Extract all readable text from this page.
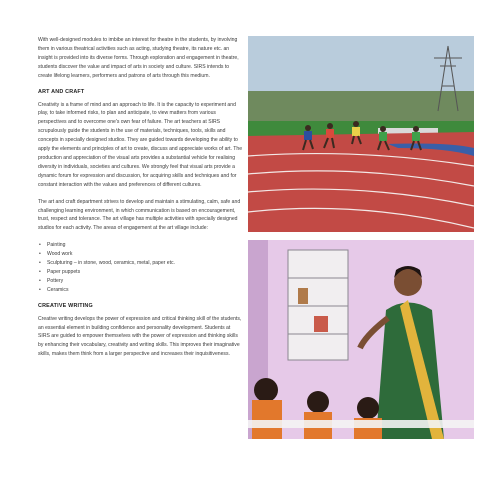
With well-designed modules to imbibe an interest for theatre in the students, by involving them in various theatrical activities such as acting, studying theatre, its nature etc. an insight is provided into its diverse forms. Through exploration and engagement in theatre, students discover the value and impact of arts in society and culture. SIRS intends to create lifelong learners, performers and patrons of arts through this medium.

ART AND CRAFT

Creativity is a frame of mind and an approach to life. It is the capacity to experiment and play, to take informed risks, to plan and anticipate, to view matters from various perspectives and to overcome one's own fear of failure. The art teachers at SIRS scrupulously guide the students in the use of materials, techniques, tools, skills and concepts in specially designed studios. They are guided towards developing the ability to apply the elements and principles of art to create, discuss and appreciate works of art. The production and appreciation of the visual arts provides a substantial vehicle for realising diversity in individuals, societies and cultures. We strongly feel that visual arts provide a dynamic forum for expression and discussion, for acquiring skills and techniques and for constant interaction with the values and preferences of different cultures.

The art and craft department strives to develop and maintain a stimulating, calm, safe and challenging learning environment, in which communication is based on encouragement, trust, respect and tolerance. The art village has multiple activities with specially designed studios for each activity. The areas of engagement at the art village include:

• Painting
• Wood work
• Sculpturing – in stone, wood, ceramics, metal, paper etc.
• Paper puppets
• Pottery
• Ceramics
CREATIVE WRITING

Creative writing develops the power of expression and critical thinking skill of the students, an essential element in building confidence and personality development. Students at SIRS are guided to empower themselves with the power of expression and thinking skills by enhancing their vocabulary, creativity and writing skills. This improves their imaginative skills, makes them think from a larger perspective and increases their inquisitiveness.
